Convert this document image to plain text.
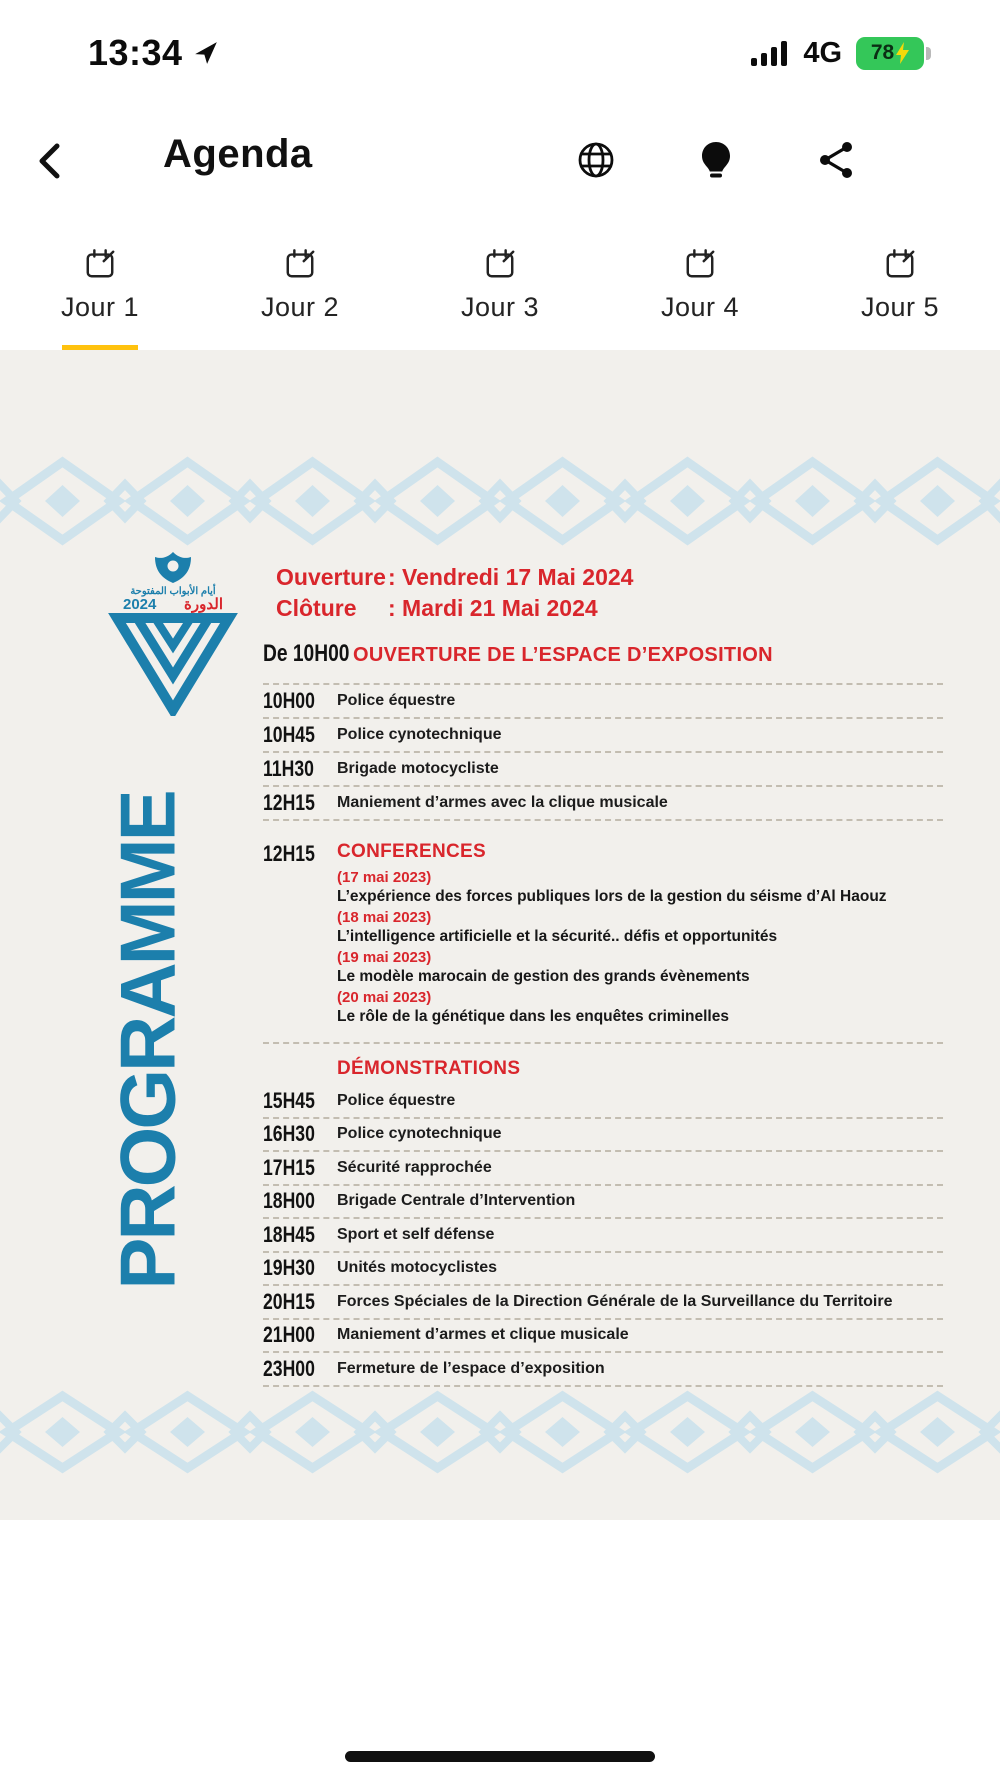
13:34	4G 78
Agenda
Jour 1	Jour 2	Jour 3	Jour 4	Jour 5
أيام الأبواب المفتوحة
2024 الدورة
PROGRAMME
Ouverture : Vendredi 17 Mai 2024
Clôture	: Mardi 21 Mai 2024
De 10H00 OUVERTURE DE L’ESPACE D’EXPOSITION
10H00	Police équestre
10H45	Police cynotechnique
11H30	Brigade motocycliste
12H15	Maniement d’armes avec la clique musicale
12H15	CONFERENCES
(17 mai 2023)
L’expérience des forces publiques lors de la gestion du séisme d’Al Haouz
(18 mai 2023)
L’intelligence artificielle et la sécurité.. défis et opportunités
(19 mai 2023)
Le modèle marocain de gestion des grands évènements
(20 mai 2023)
Le rôle de la génétique dans les enquêtes criminelles
DÉMONSTRATIONS
15H45	Police équestre
16H30	Police cynotechnique
17H15	Sécurité rapprochée
18H00	Brigade Centrale d’Intervention
18H45	Sport et self défense
19H30	Unités motocyclistes
20H15	Forces Spéciales de la Direction Générale de la Surveillance du Territoire
21H00	Maniement d’armes et clique musicale
23H00	Fermeture de l’espace d’exposition
